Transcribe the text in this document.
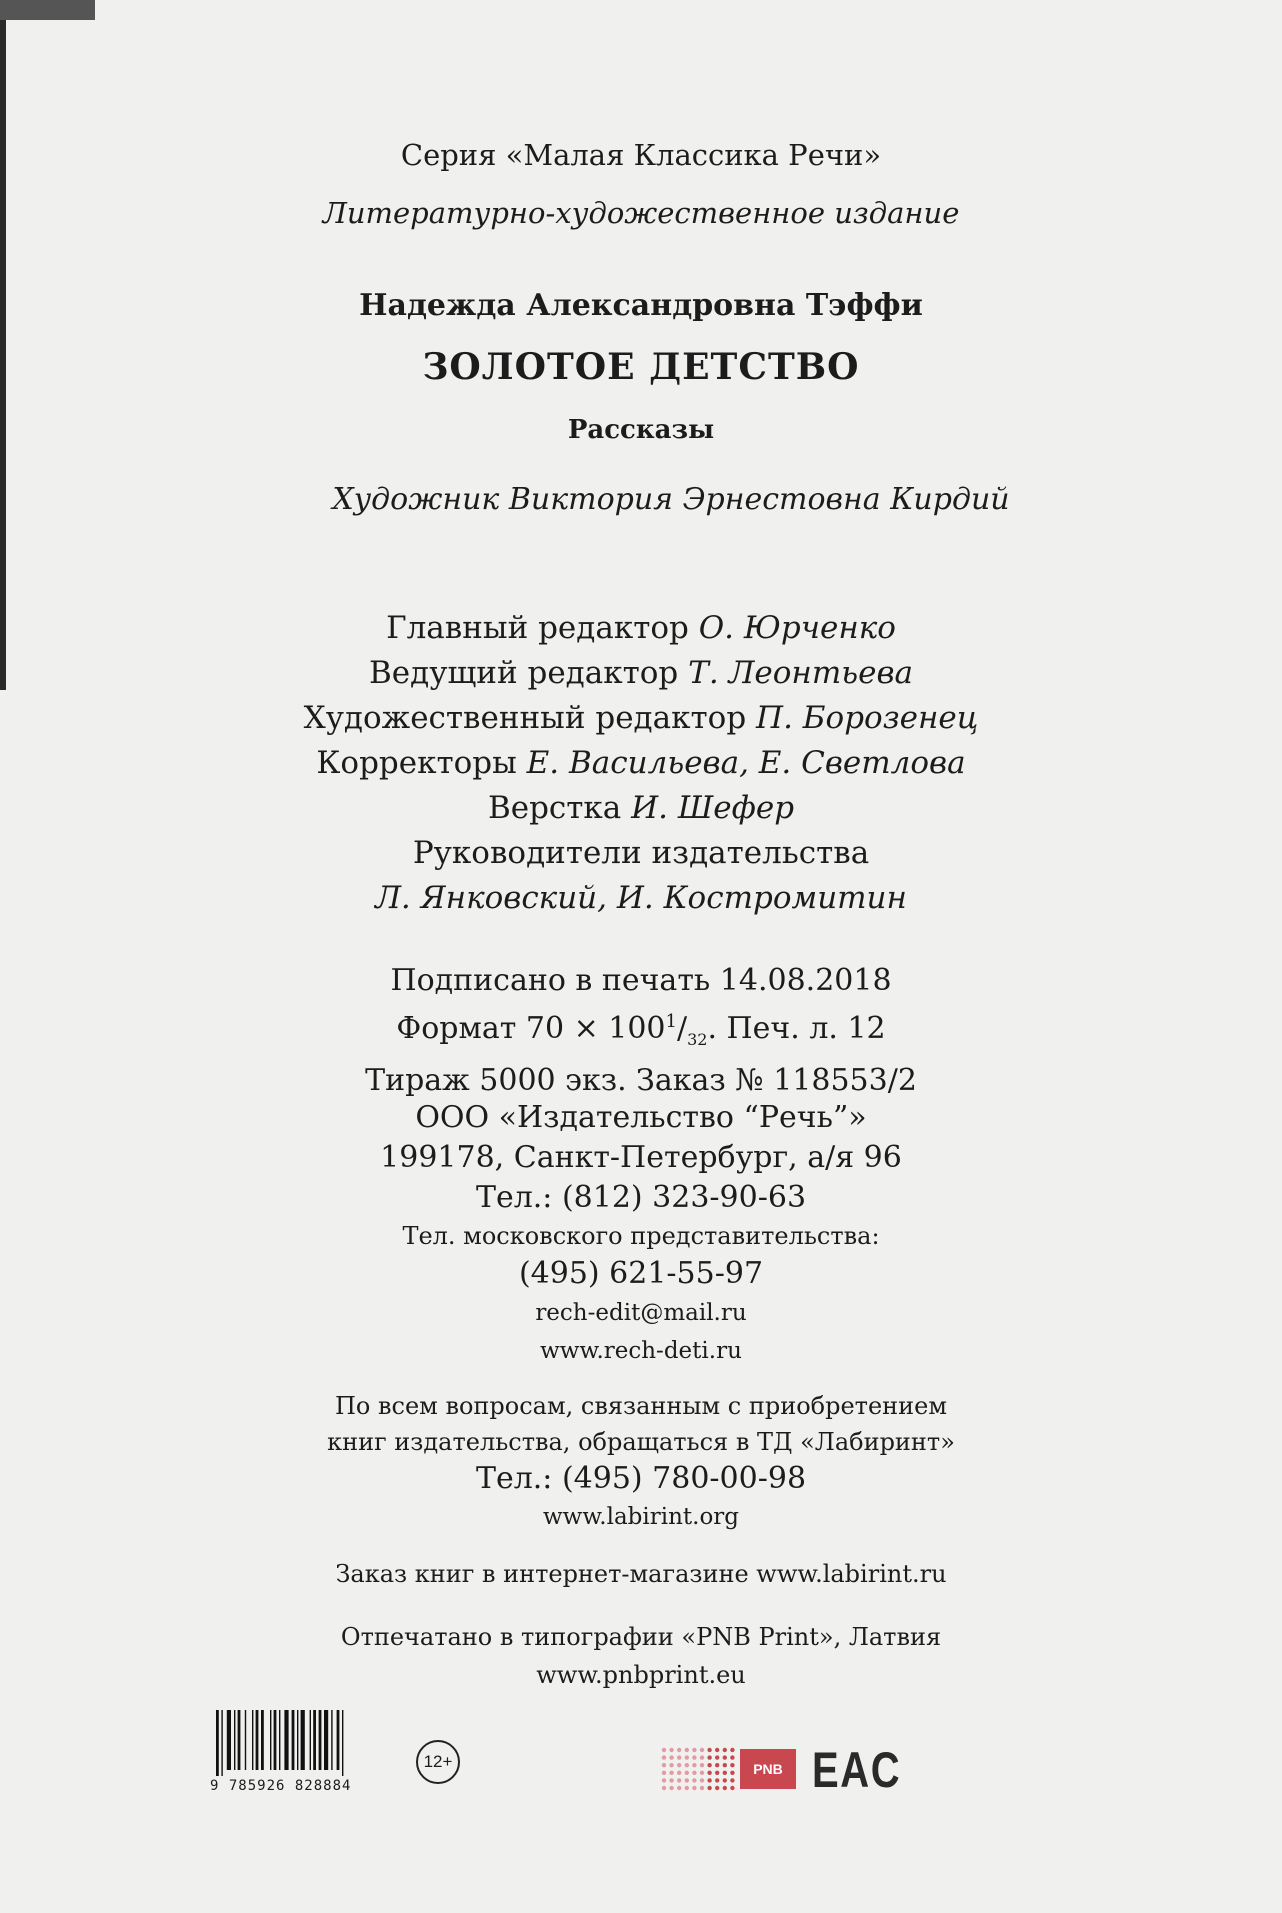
Серия «Малая Классика Речи»
Литературно-художественное издание
Надежда Александровна Тэффи
ЗОЛОТОЕ ДЕТСТВО
Рассказы
Художник Виктория Эрнестовна Кирдий
Главный редактор О. Юрченко
Ведущий редактор Т. Леонтьева
Художественный редактор П. Борозенец
Корректоры Е. Васильева, Е. Светлова
Верстка И. Шефер
Руководители издательства
Л. Янковский, И. Костромитин
Подписано в печать 14.08.2018
Формат $70 \times 100^1/_{32}$. Печ. л. 12
Тираж 5000 экз. Заказ № 118553/2
ООО «Издательство “Речь”»
199178, Санкт-Петербург, а/я 96
Тел.: (812) 323-90-63
Тел. московского представительства:
(495) 621-55-97
rech-edit@mail.ru
www.rech-deti.ru
По всем вопросам, связанным с приобретением
книг издательства, обращаться в ТД «Лабиринт»
Тел.: (495) 780-00-98
www.labirint.org
Заказ книг в интернет-магазине www.labirint.ru
Отпечатано в типографии «PNB Print», Латвия
www.pnbprint.eu
9 785926 828884
12+	PNB EAC
